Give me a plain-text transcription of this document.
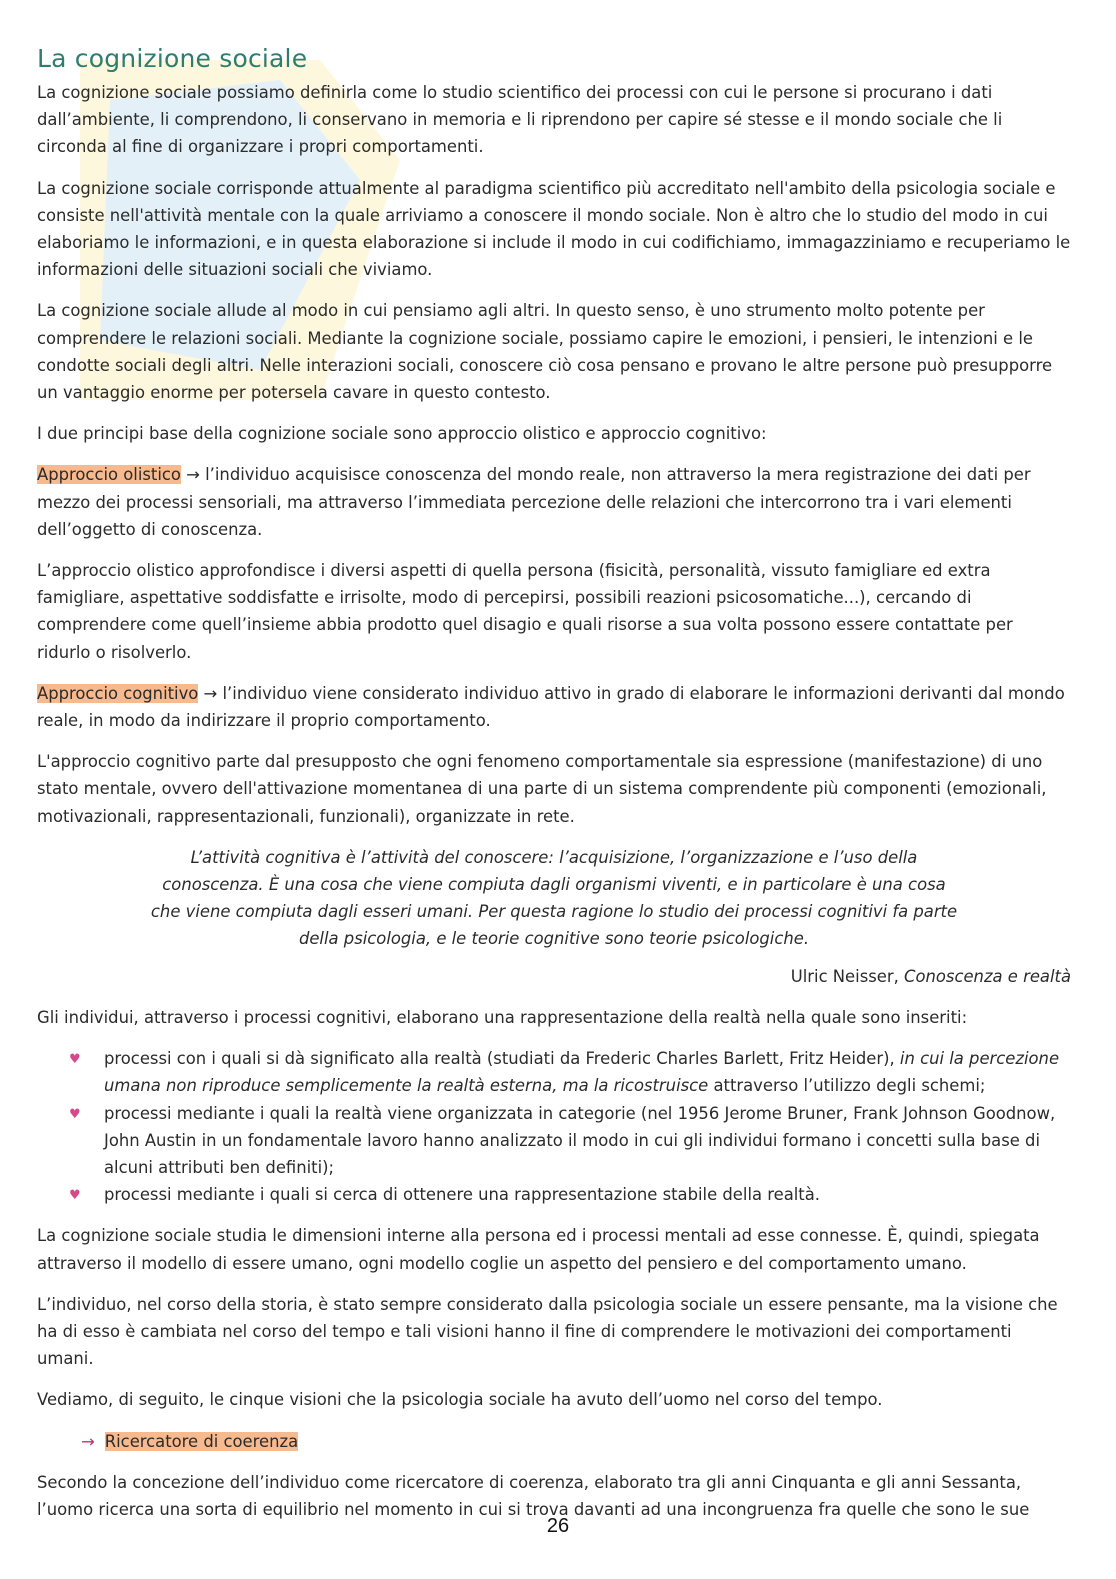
La cognizione sociale

La cognizione sociale possiamo definirla come lo studio scientifico dei processi con cui le persone si procurano i dati dall’ambiente, li comprendono, li conservano in memoria e li riprendono per capire sé stesse e il mondo sociale che li circonda al fine di organizzare i propri comportamenti.

La cognizione sociale corrisponde attualmente al paradigma scientifico più accreditato nell'ambito della psicologia sociale e consiste nell'attività mentale con la quale arriviamo a conoscere il mondo sociale. Non è altro che lo studio del modo in cui elaboriamo le informazioni, e in questa elaborazione si include il modo in cui codifichiamo, immagazziniamo e recuperiamo le informazioni delle situazioni sociali che viviamo.

La cognizione sociale allude al modo in cui pensiamo agli altri. In questo senso, è uno strumento molto potente per comprendere le relazioni sociali. Mediante la cognizione sociale, possiamo capire le emozioni, i pensieri, le intenzioni e le condotte sociali degli altri. Nelle interazioni sociali, conoscere ciò cosa pensano e provano le altre persone può presupporre un vantaggio enorme per potersela cavare in questo contesto.

I due principi base della cognizione sociale sono approccio olistico e approccio cognitivo:

Approccio olistico → l’individuo acquisisce conoscenza del mondo reale, non attraverso la mera registrazione dei dati per mezzo dei processi sensoriali, ma attraverso l’immediata percezione delle relazioni che intercorrono tra i vari elementi dell’oggetto di conoscenza.

L’approccio olistico approfondisce i diversi aspetti di quella persona (fisicità, personalità, vissuto famigliare ed extra famigliare, aspettative soddisfatte e irrisolte, modo di percepirsi, possibili reazioni psicosomatiche...), cercando di comprendere come quell’insieme abbia prodotto quel disagio e quali risorse a sua volta possono essere contattate per ridurlo o risolverlo.

Approccio cognitivo → l’individuo viene considerato individuo attivo in grado di elaborare le informazioni derivanti dal mondo reale, in modo da indirizzare il proprio comportamento.

L'approccio cognitivo parte dal presupposto che ogni fenomeno comportamentale sia espressione (manifestazione) di uno stato mentale, ovvero dell'attivazione momentanea di una parte di un sistema comprendente più componenti (emozionali, motivazionali, rappresentazionali, funzionali), organizzate in rete.

L’attività cognitiva è l’attività del conoscere: l’acquisizione, l’organizzazione e l’uso della conoscenza. È una cosa che viene compiuta dagli organismi viventi, e in particolare è una cosa che viene compiuta dagli esseri umani. Per questa ragione lo studio dei processi cognitivi fa parte della psicologia, e le teorie cognitive sono teorie psicologiche.

Ulric Neisser, Conoscenza e realtà

Gli individui, attraverso i processi cognitivi, elaborano una rappresentazione della realtà nella quale sono inseriti:

♥ processi con i quali si dà significato alla realtà (studiati da Frederic Charles Barlett, Fritz Heider), in cui la percezione umana non riproduce semplicemente la realtà esterna, ma la ricostruisce attraverso l’utilizzo degli schemi;
♥ processi mediante i quali la realtà viene organizzata in categorie (nel 1956 Jerome Bruner, Frank Johnson Goodnow, John Austin in un fondamentale lavoro hanno analizzato il modo in cui gli individui formano i concetti sulla base di alcuni attributi ben definiti);
♥ processi mediante i quali si cerca di ottenere una rappresentazione stabile della realtà.

La cognizione sociale studia le dimensioni interne alla persona ed i processi mentali ad esse connesse. È, quindi, spiegata attraverso il modello di essere umano, ogni modello coglie un aspetto del pensiero e del comportamento umano.

L’individuo, nel corso della storia, è stato sempre considerato dalla psicologia sociale un essere pensante, ma la visione che ha di esso è cambiata nel corso del tempo e tali visioni hanno il fine di comprendere le motivazioni dei comportamenti umani.

Vediamo, di seguito, le cinque visioni che la psicologia sociale ha avuto dell’uomo nel corso del tempo.

→ Ricercatore di coerenza

Secondo la concezione dell’individuo come ricercatore di coerenza, elaborato tra gli anni Cinquanta e gli anni Sessanta, l’uomo ricerca una sorta di equilibrio nel momento in cui si trova davanti ad una incongruenza fra quelle che sono le sue

26
